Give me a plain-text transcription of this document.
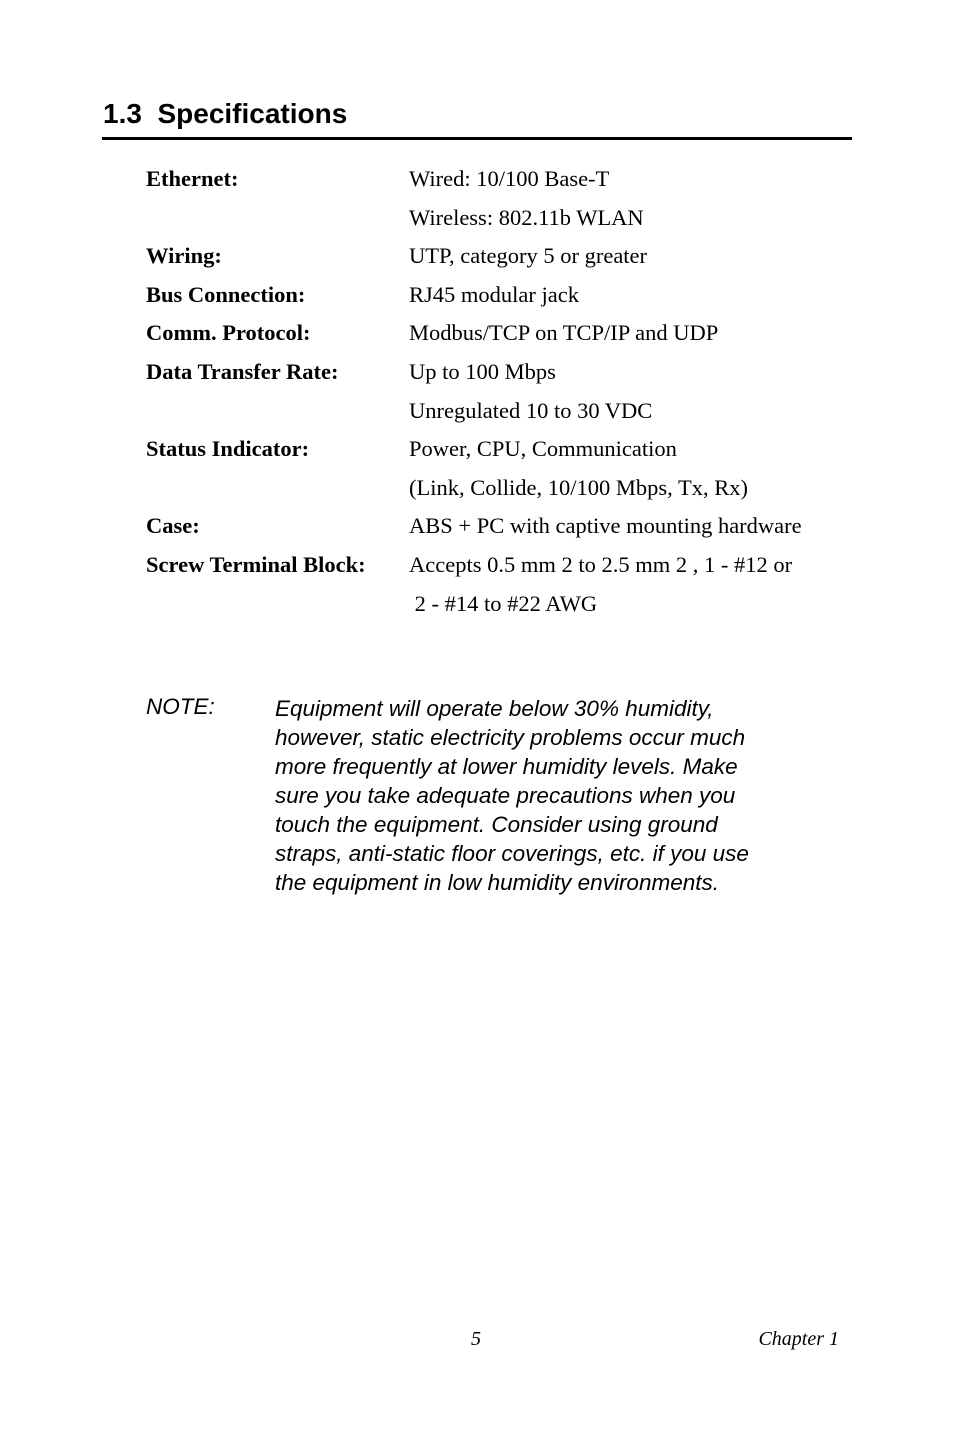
1.3  Specifications
Ethernet:	Wired: 10/100 Base-T
Wireless: 802.11b WLAN
Wiring:	UTP, category 5 or greater
Bus Connection:	RJ45 modular jack
Comm. Protocol:	Modbus/TCP on TCP/IP and UDP
Data Transfer Rate:	Up to 100 Mbps
Unregulated 10 to 30 VDC
Status Indicator:	Power, CPU, Communication
(Link, Collide, 10/100 Mbps, Tx, Rx)
Case:	ABS + PC with captive mounting hardware
Screw Terminal Block: Accepts 0.5 mm 2 to 2.5 mm 2 , 1 - #12 or
2 - #14 to #22 AWG
NOTE:	Equipment will operate below 30% humidity,
however, static electricity problems occur much
more frequently at lower humidity levels. Make
sure you take adequate precautions when you
touch the equipment. Consider using ground
straps, anti-static floor coverings, etc. if you use
the equipment in low humidity environments.
5	Chapter 1
